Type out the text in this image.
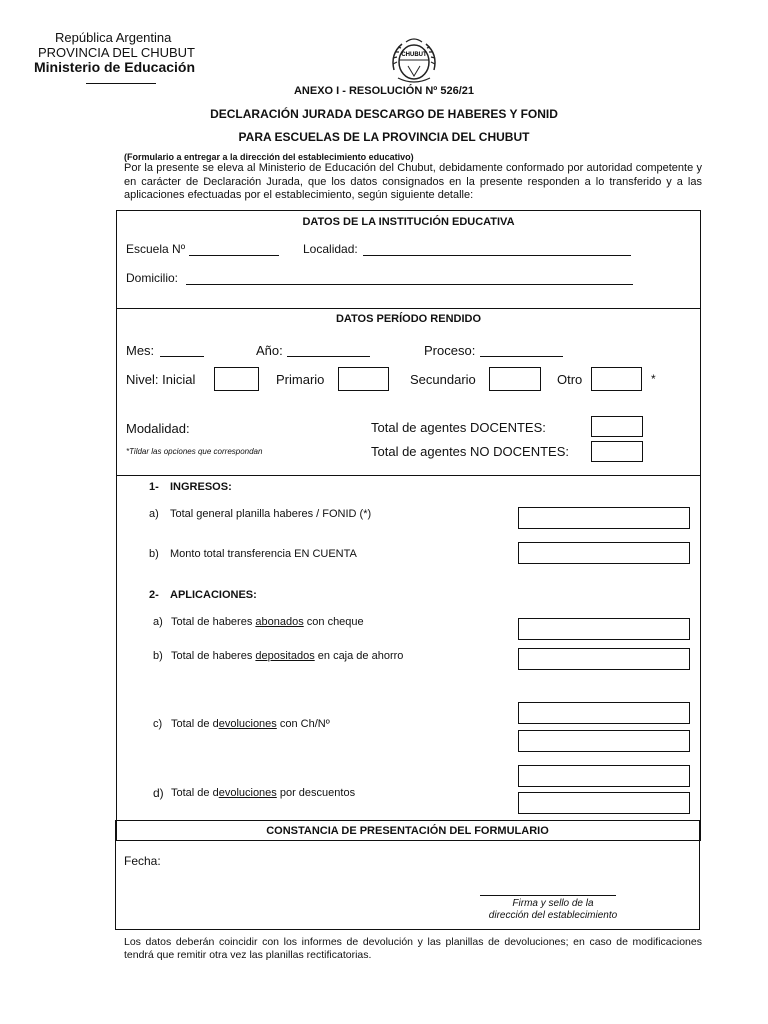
República Argentina
PROVINCIA DEL CHUBUT
Ministerio de Educación
CHUBUT
ANEXO I - RESOLUCIÓN Nº 526/21
DECLARACIÓN JURADA DESCARGO DE HABERES Y FONID
PARA ESCUELAS DE LA PROVINCIA DEL CHUBUT
(Formulario a entregar a la dirección del establecimiento educativo)
Por la presente se eleva al Ministerio de Educación del Chubut, debidamente conformado por autoridad competente y en carácter de Declaración Jurada, que los datos consignados en la presente responden a lo transferido y a las aplicaciones efectuadas por el establecimiento, según siguiente detalle:
DATOS DE LA INSTITUCIÓN EDUCATIVA
Escuela Nº	Localidad:
Domicilio:
DATOS PERÍODO RENDIDO
Mes:	Año:	Proceso:
Nivel: Inicial	Primario	Secundario	Otro	*
Modalidad:
*Tildar las opciones que correspondan
Total de agentes DOCENTES:
Total de agentes NO DOCENTES:
1- INGRESOS:
a) Total general planilla haberes / FONID (*)
b) Monto total transferencia EN CUENTA
2- APLICACIONES:
a) Total de haberes abonados con cheque
b) Total de haberes depositados en caja de ahorro
c) Total de devoluciones con Ch/Nº
d) Total de devoluciones por descuentos
CONSTANCIA DE PRESENTACIÓN DEL FORMULARIO
Fecha:
Firma y sello de la
dirección del establecimiento
Los datos deberán coincidir con los informes de devolución y las planillas de devoluciones; en caso de modificaciones tendrá que remitir otra vez las planillas rectificatorias.
